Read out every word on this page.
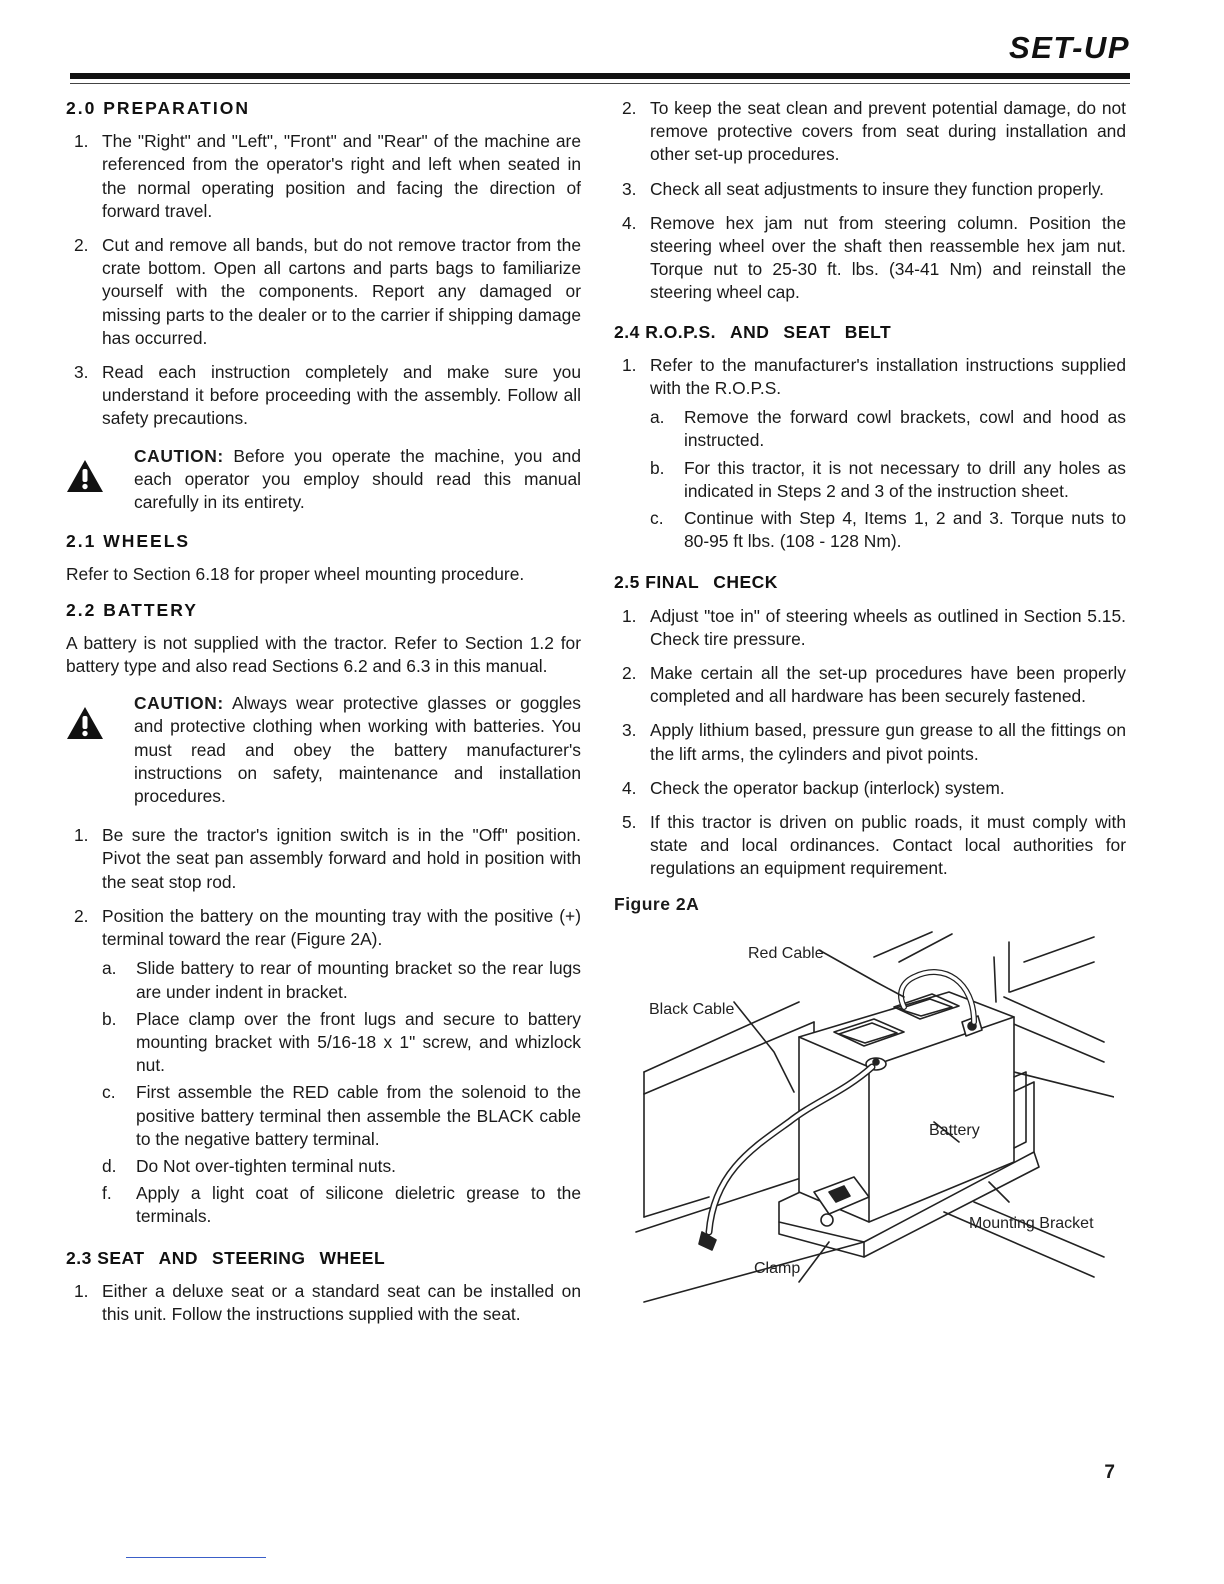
SET-UP
2.0 PREPARATION
1. The "Right" and "Left", "Front" and "Rear" of the machine are referenced from the operator's right and left when seated in the normal operating position and facing the direction of forward travel.
2. Cut and remove all bands, but do not remove tractor from the crate bottom. Open all cartons and parts bags to familiarize yourself with the components. Report any damaged or missing parts to the dealer or to the carrier if shipping damage has occurred.
3. Read each instruction completely and make sure you understand it before proceeding with the assembly. Follow all safety precautions.
CAUTION: Before you operate the machine, you and each operator you employ should read this manual carefully in its entirety.
2.1 WHEELS
Refer to Section 6.18 for proper wheel mounting procedure.
2.2 BATTERY
A battery is not supplied with the tractor. Refer to Section 1.2 for battery type and also read Sections 6.2 and 6.3 in this manual.
CAUTION: Always wear protective glasses or goggles and protective clothing when working with batteries. You must read and obey the battery manufacturer's instructions on safety, maintenance and installation procedures.
1. Be sure the tractor's ignition switch is in the "Off" position. Pivot the seat pan assembly forward and hold in position with the seat stop rod.
2. Position the battery on the mounting tray with the positive (+) terminal toward the rear (Figure 2A).
a. Slide battery to rear of mounting bracket so the rear lugs are under indent in bracket.
b. Place clamp over the front lugs and secure to battery mounting bracket with 5/16-18 x 1" screw, and whizlock nut.
c. First assemble the RED cable from the solenoid to the positive battery terminal then assemble the BLACK cable to the negative battery terminal.
d. Do Not over-tighten terminal nuts.
f. Apply a light coat of silicone dieletric grease to the terminals.
2.3 SEAT AND STEERING WHEEL
1. Either a deluxe seat or a standard seat can be installed on this unit. Follow the instructions supplied with the seat.
2. To keep the seat clean and prevent potential damage, do not remove protective covers from seat during installation and other set-up procedures.
3. Check all seat adjustments to insure they function properly.
4. Remove hex jam nut from steering column. Position the steering wheel over the shaft then reassemble hex jam nut. Torque nut to 25-30 ft. lbs. (34-41 Nm) and reinstall the steering wheel cap.
2.4 R.O.P.S. AND SEAT BELT
1. Refer to the manufacturer's installation instructions supplied with the R.O.P.S.
a. Remove the forward cowl brackets, cowl and hood as instructed.
b. For this tractor, it is not necessary to drill any holes as indicated in Steps 2 and 3 of the instruction sheet.
c. Continue with Step 4, Items 1, 2 and 3. Torque nuts to 80-95 ft lbs. (108 - 128 Nm).
2.5 FINAL CHECK
1. Adjust "toe in" of steering wheels as outlined in Section 5.15. Check tire pressure.
2. Make certain all the set-up procedures have been properly completed and all hardware has been securely fastened.
3. Apply lithium based, pressure gun grease to all the fittings on the lift arms, the cylinders and pivot points.
4. Check the operator backup (interlock) system.
5. If this tractor is driven on public roads, it must comply with state and local ordinances. Contact local authorities for regulations an equipment requirement.
Figure 2A
Red Cable
Black Cable
Battery
Mounting Bracket
Clamp
7
